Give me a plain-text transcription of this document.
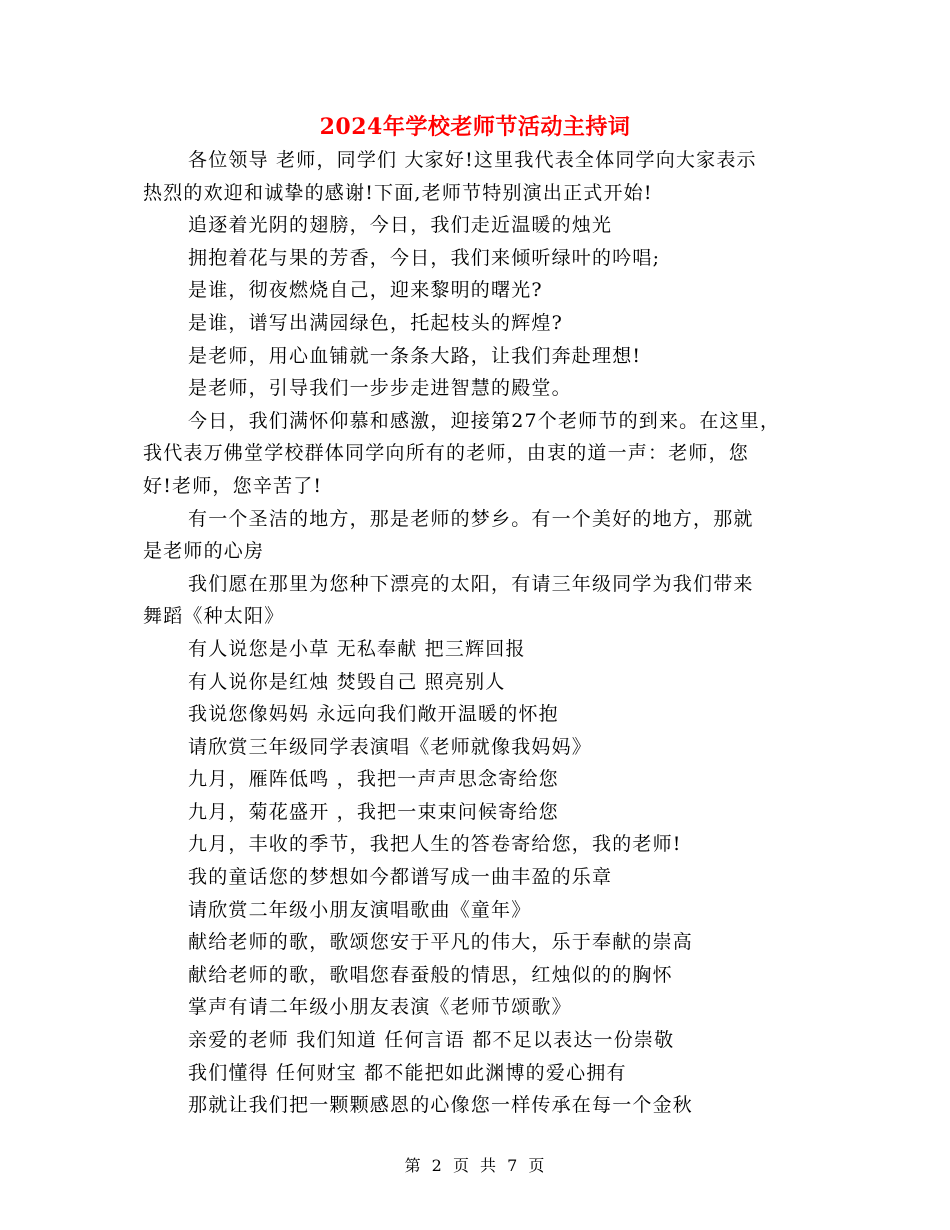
2024年学校老师节活动主持词
各位领导 老师，同学们 大家好!这里我代表全体同学向大家表示
热烈的欢迎和诚挚的感谢!下面,老师节特别演出正式开始!
追逐着光阴的翅膀，今日，我们走近温暖的烛光
拥抱着花与果的芳香，今日，我们来倾听绿叶的吟唱;
是谁，彻夜燃烧自己，迎来黎明的曙光?
是谁，谱写出满园绿色，托起枝头的辉煌?
是老师，用心血铺就一条条大路，让我们奔赴理想!
是老师，引导我们一步步走进智慧的殿堂。
今日，我们满怀仰慕和感激，迎接第27个老师节的到来。在这里，
我代表万佛堂学校群体同学向所有的老师，由衷的道一声：老师，您
好!老师，您辛苦了!
有一个圣洁的地方，那是老师的梦乡。有一个美好的地方，那就
是老师的心房
我们愿在那里为您种下漂亮的太阳，有请三年级同学为我们带来
舞蹈《种太阳》
有人说您是小草 无私奉献 把三辉回报
有人说你是红烛 焚毁自己 照亮别人
我说您像妈妈 永远向我们敞开温暖的怀抱
请欣赏三年级同学表演唱《老师就像我妈妈》
九月，雁阵低鸣 ，我把一声声思念寄给您
九月，菊花盛开 ，我把一束束问候寄给您
九月，丰收的季节，我把人生的答卷寄给您，我的老师!
我的童话您的梦想如今都谱写成一曲丰盈的乐章
请欣赏二年级小朋友演唱歌曲《童年》
献给老师的歌，歌颂您安于平凡的伟大，乐于奉献的崇高
献给老师的歌，歌唱您春蚕般的情思，红烛似的的胸怀
掌声有请二年级小朋友表演《老师节颂歌》
亲爱的老师 我们知道 任何言语 都不足以表达一份崇敬
我们懂得 任何财宝 都不能把如此渊博的爱心拥有
那就让我们把一颗颗感恩的心像您一样传承在每一个金秋
第 2 页 共 7 页
